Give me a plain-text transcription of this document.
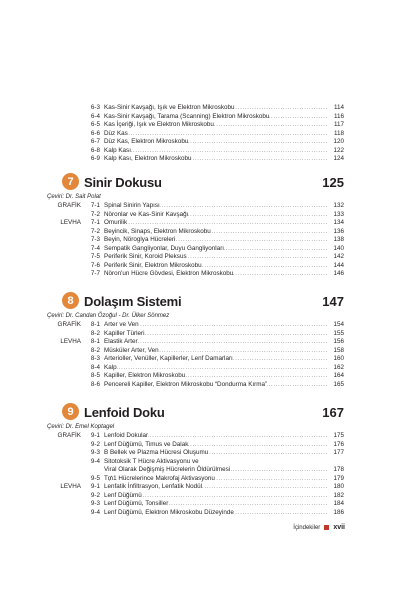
6-3 Kas-Sinir Kavşağı, Işık ve Elektron Mikroskobu . . .	114
6-4 Kas-Sinir Kavşağı, Tarama (Scanning) Elektron Mikroskobu . . .	116
6-5 Kas İçeriği, Işık ve Elektron Mikroskobu . . .	117
6-6 Düz Kas . . .	118
6-7 Düz Kas, Elektron Mikroskobu . . .	120
6-8 Kalp Kası . . .	122
6-9 Kalp Kası, Elektron Mikroskobu . . .	124
7 Sinir Dokusu	125
Çeviri: Dr. Sait Polat
GRAFİK	7-1 Spinal Sinirin Yapısı . . .	132
7-2 Nöronlar ve Kas-Sinir Kavşağı . . .	133
LEVHA	7-1 Omurilik . . .	134
7-2 Beyincik, Sinaps, Elektron Mikroskobu . . .	136
7-3 Beyin, Nöroglya Hücreleri . . .	138
7-4 Sempatik Gangliyonlar, Duyu Gangliyonları . . .	140
7-5 Periferik Sinir, Koroid Pleksus . . .	142
7-6 Periferik Sinir, Elektron Mikroskobu . . .	144
7-7 Nöron'un Hücre Gövdesi, Elektron Mikroskobu . . .	146
8 Dolaşım Sistemi	147
Çeviri: Dr. Candan Özoğul - Dr. Ülker Sönmez
GRAFİK	8-1 Arter ve Ven . . .	154
8-2 Kapiller Türleri . . .	155
LEVHA	8-1 Elastik Arter . . .	156
8-2 Müsküler Arter, Ven . . .	158
8-3 Arterioller, Venüller, Kapillerler, Lenf Damarları . . .	160
8-4 Kalp . . .	162
8-5 Kapiller, Elektron Mikroskobu . . .	164
8-6 Pencereli Kapiller, Elektron Mikroskobu “Dondurma Kırma” . . .	165
9 Lenfoid Doku	167
Çeviri: Dr. Emel Koptagel
GRAFİK	9-1 Lenfoid Dokular . . .	175
9-2 Lenf Düğümü, Timus ve Dalak . . .	176
9-3 B Bellek ve Plazma Hücresi Oluşumu . . .	177
9-4 Sitotoksik T Hücre Aktivasyonu ve
Viral Olarak Değişmiş Hücrelerin Öldürülmesi . . .	178
9-5 T₥1 Hücrelerince Makrofaj Aktivasyonu . . .	179
LEVHA	9-1 Lenfatik İnfiltrasyon, Lenfatik Nodül . . .	180
9-2 Lenf Düğümü . . .	182
9-3 Lenf Düğümü, Tonsiller . . .	184
9-4 Lenf Düğümü, Elektron Mikroskobu Düzeyinde . . .	186
İçindekiler xvii
